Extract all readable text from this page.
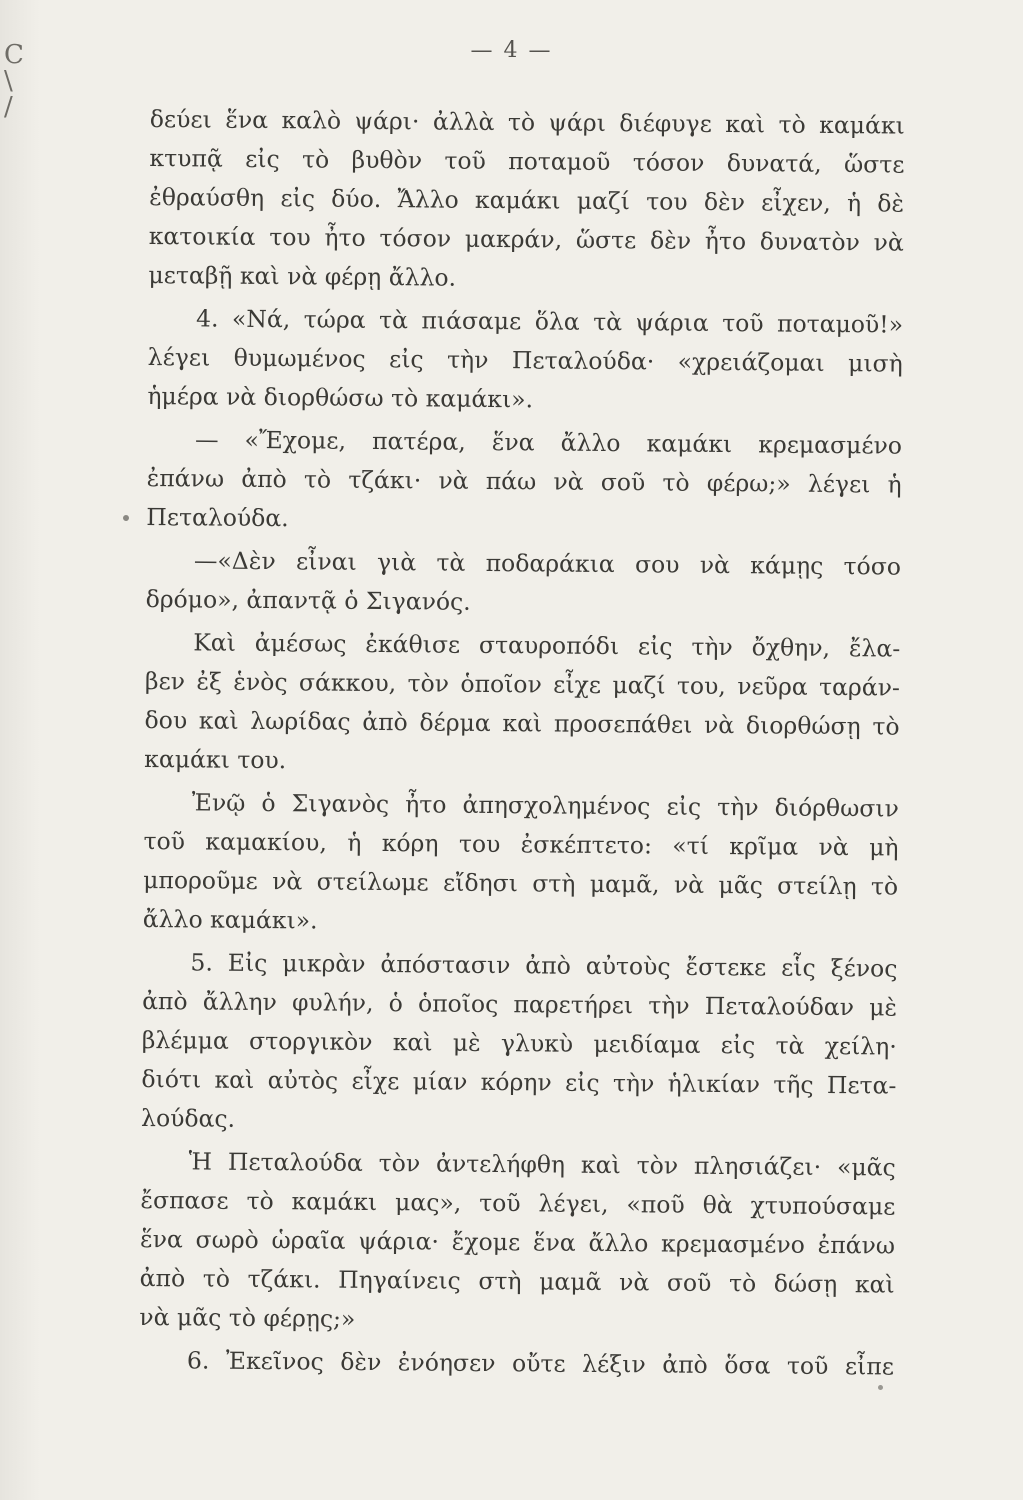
C
\
/
— 4 —
δεύει ἕνα καλὸ ψάρι· ἀλλὰ τὸ ψάρι διέφυγε καὶ τὸ καμάκι
κτυπᾷ εἰς τὸ βυθὸν τοῦ ποταμοῦ τόσον δυνατά, ὥστε
ἐθραύσθη εἰς δύο. Ἄλλο καμάκι μαζί του δὲν εἶχεν, ἡ δὲ
κατοικία του ἦτο τόσον μακράν, ὥστε δὲν ἦτο δυνατὸν νὰ
μεταβῇ καὶ νὰ φέρῃ ἄλλο.
4. «Νά, τώρα τὰ πιάσαμε ὅλα τὰ ψάρια τοῦ ποταμοῦ!»
λέγει θυμωμένος εἰς τὴν Πεταλούδα· «χρειάζομαι μισὴ
ἡμέρα νὰ διορθώσω τὸ καμάκι».
— «Ἔχομε, πατέρα, ἕνα ἄλλο καμάκι κρεμασμένο
ἐπάνω ἀπὸ τὸ τζάκι· νὰ πάω νὰ σοῦ τὸ φέρω;» λέγει ἡ
Πεταλούδα.
—«Δὲν εἶναι γιὰ τὰ ποδαράκια σου νὰ κάμῃς τόσο
δρόμο», ἀπαντᾷ ὁ Σιγανός.
Καὶ ἀμέσως ἐκάθισε σταυροπόδι εἰς τὴν ὄχθην, ἔλα-
βεν ἐξ ἑνὸς σάκκου, τὸν ὁποῖον εἶχε μαζί του, νεῦρα ταράν-
δου καὶ λωρίδας ἀπὸ δέρμα καὶ προσεπάθει νὰ διορθώσῃ τὸ
καμάκι του.
Ἐνῷ ὁ Σιγανὸς ἦτο ἀπησχολημένος εἰς τὴν διόρθωσιν
τοῦ καμακίου, ἡ κόρη του ἐσκέπτετο: «τί κρῖμα νὰ μὴ
μποροῦμε νὰ στείλωμε εἴδησι στὴ μαμᾶ, νὰ μᾶς στείλῃ τὸ
ἄλλο καμάκι».
5. Εἰς μικρὰν ἀπόστασιν ἀπὸ αὐτοὺς ἔστεκε εἷς ξένος
ἀπὸ ἄλλην φυλήν, ὁ ὁποῖος παρετήρει τὴν Πεταλούδαν μὲ
βλέμμα στοργικὸν καὶ μὲ γλυκὺ μειδίαμα εἰς τὰ χείλη·
διότι καὶ αὐτὸς εἶχε μίαν κόρην εἰς τὴν ἡλικίαν τῆς Πετα-
λούδας.
Ἡ Πεταλούδα τὸν ἀντελήφθη καὶ τὸν πλησιάζει· «μᾶς
ἔσπασε τὸ καμάκι μας», τοῦ λέγει, «ποῦ θὰ χτυπούσαμε
ἕνα σωρὸ ὡραῖα ψάρια· ἔχομε ἕνα ἄλλο κρεμασμένο ἐπάνω
ἀπὸ τὸ τζάκι. Πηγαίνεις στὴ μαμᾶ νὰ σοῦ τὸ δώσῃ καὶ
νὰ μᾶς τὸ φέρῃς;»
6. Ἐκεῖνος δὲν ἐνόησεν οὔτε λέξιν ἀπὸ ὅσα τοῦ εἶπε
